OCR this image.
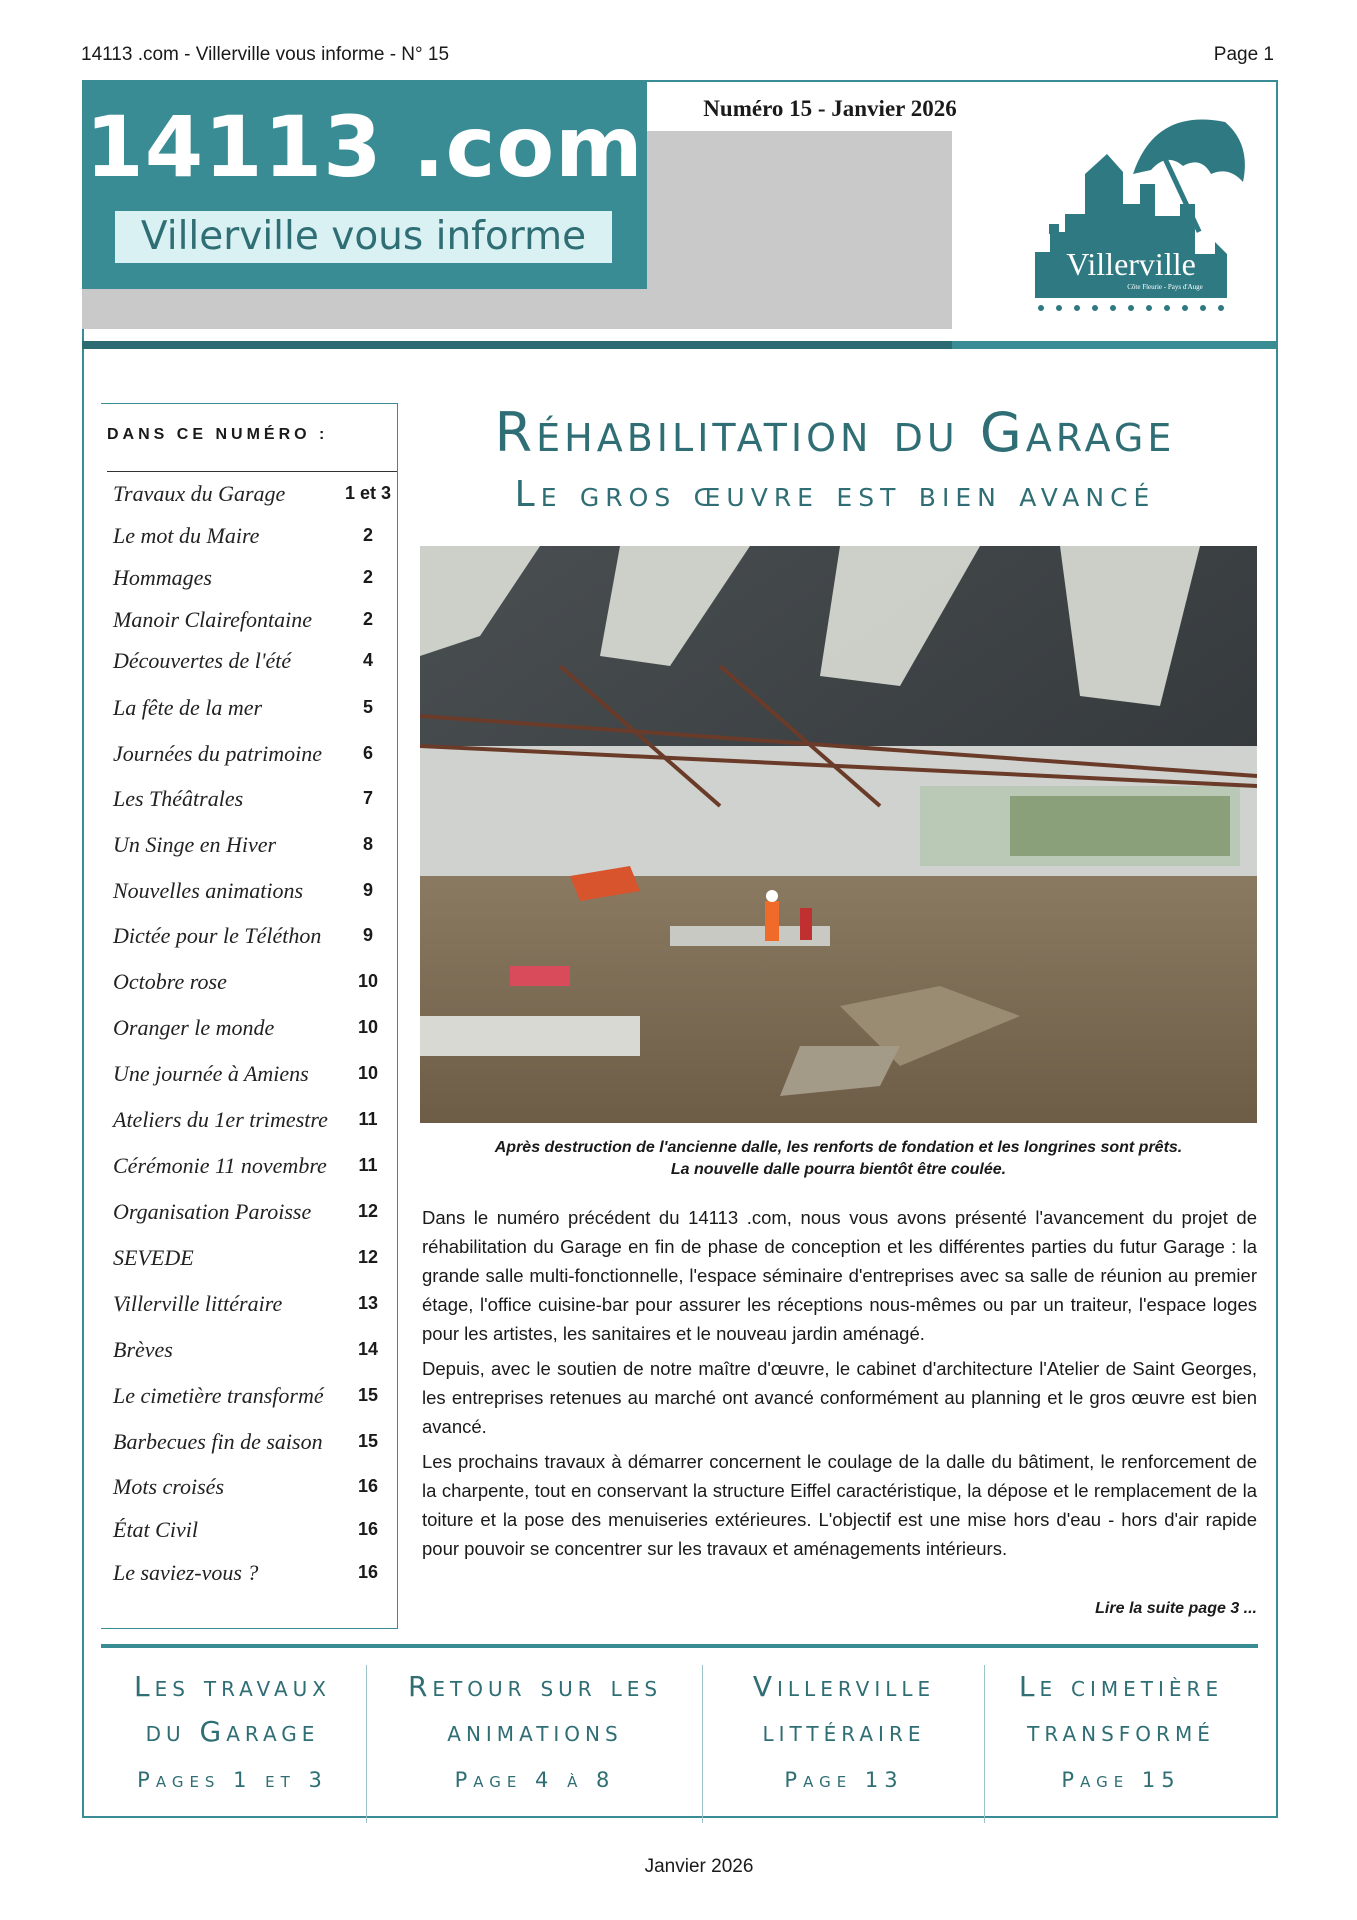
14113 .com - Villerville vous informe - N° 15	Page 1
14113 .com
Villerville vous informe
Numéro 15 - Janvier 2026
Villerville
Côte Fleurie - Pays d'Auge
DANS CE NUMÉRO :
Travaux du Garage	1 et 3
Le mot du Maire	2
Hommages	2
Manoir Clairefontaine	2
Découvertes de l'été	4
La fête de la mer	5
Journées du patrimoine	6
Les Théâtrales	7
Un Singe en Hiver	8
Nouvelles animations	9
Dictée pour le Téléthon	9
Octobre rose	10
Oranger le monde	10
Une journée à Amiens	10
Ateliers du 1er trimestre	11
Cérémonie 11 novembre	11
Organisation Paroisse	12
SEVEDE	12
Villerville littéraire	13
Brèves	14
Le cimetière transformé	15
Barbecues fin de saison	15
Mots croisés	16
État Civil	16
Le saviez-vous ?	16
Réhabilitation du Garage
Le gros œuvre est bien avancé
Après destruction de l'ancienne dalle, les renforts de fondation et les longrines sont prêts.
La nouvelle dalle pourra bientôt être coulée.

Dans le numéro précédent du 14113 .com, nous vous avons présenté l'avancement du projet de réhabilitation du Garage en fin de phase de conception et les différentes parties du futur Garage : la grande salle multi-fonctionnelle, l'espace séminaire d'entreprises avec sa salle de réunion au premier étage, l'office cuisine-bar pour assurer les réceptions nous-mêmes ou par un traiteur, l'espace loges pour les artistes, les sanitaires et le nouveau jardin aménagé.

Depuis, avec le soutien de notre maître d'œuvre, le cabinet d'architecture l'Atelier de Saint Georges, les entreprises retenues au marché ont avancé conformément au planning et le gros œuvre est bien avancé.

Les prochains travaux à démarrer concernent le coulage de la dalle du bâtiment, le renforcement de la charpente, tout en conservant la structure Eiffel caractéristique, la dépose et le remplacement de la toiture et la pose des menuiseries extérieures. L'objectif est une mise hors d'eau - hors d'air rapide pour pouvoir se concentrer sur les travaux et aménagements intérieurs.

Lire la suite page 3 ...
Les travaux
du Garage
Pages 1 et 3
Retour sur les
animations
Page 4 à 8
Villerville
littéraire
Page 13
Le cimetière
transformé
Page 15
Janvier 2026
